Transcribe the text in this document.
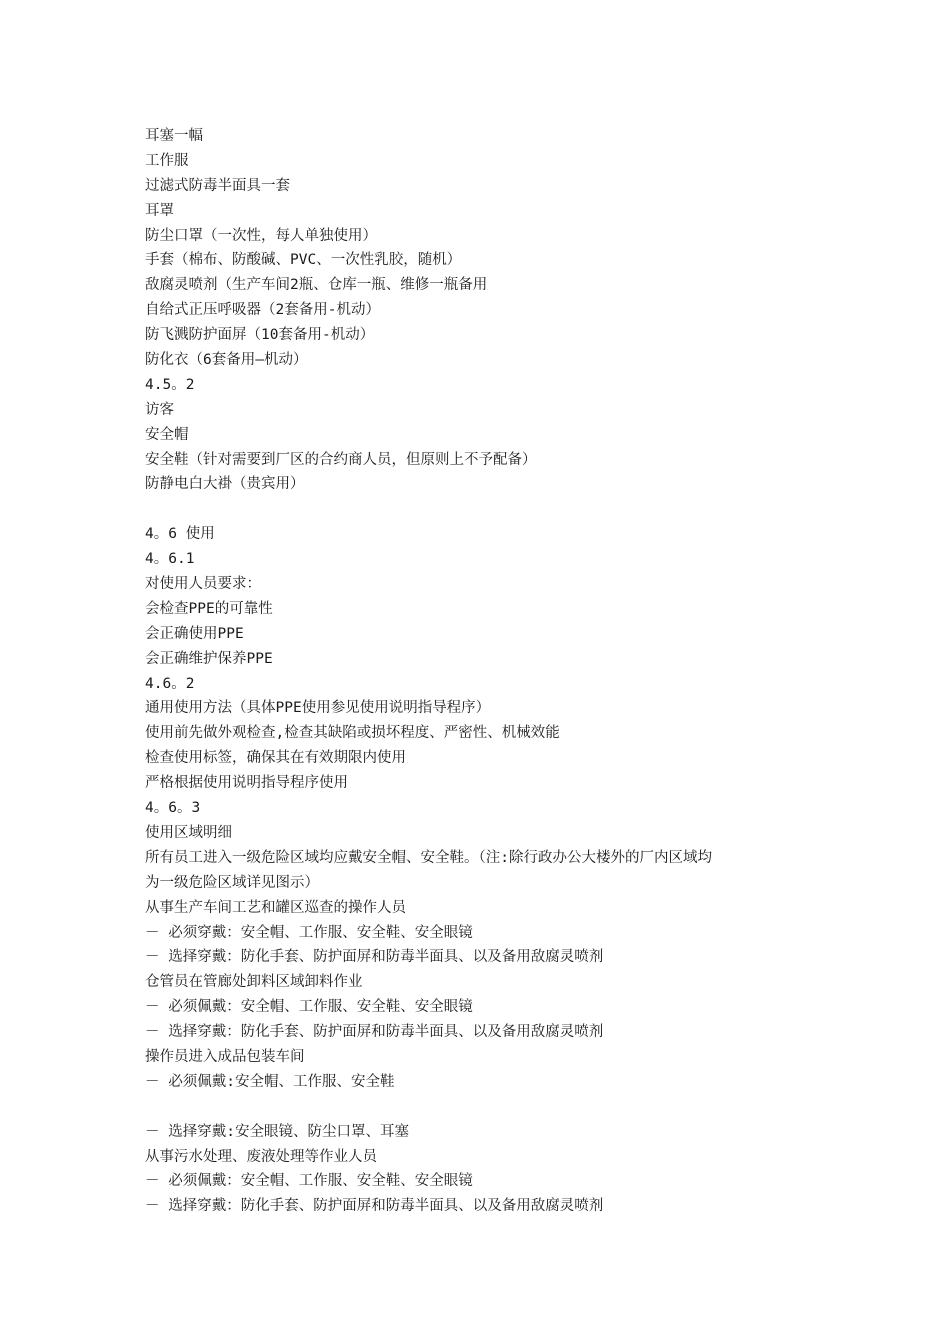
耳塞一幅
工作服
过滤式防毒半面具一套
耳罩
防尘口罩（一次性，每人单独使用）
手套（棉布、防酸碱、PVC、一次性乳胶，随机）
敌腐灵喷剂（生产车间2瓶、仓库一瓶、维修一瓶备用
自给式正压呼吸器（2套备用-机动）
防飞溅防护面屏（10套备用-机动）
防化衣（6套备用—机动）
4.5。2
访客
安全帽
安全鞋（针对需要到厂区的合约商人员，但原则上不予配备）
防静电白大褂（贵宾用）
4。6 使用
4。6.1
对使用人员要求：
会检查PPE的可靠性
会正确使用PPE
会正确维护保养PPE
4.6。2
通用使用方法（具体PPE使用参见使用说明指导程序）
使用前先做外观检查,检查其缺陷或损坏程度、严密性、机械效能
检查使用标签，确保其在有效期限内使用
严格根据使用说明指导程序使用
4。6。3
使用区域明细
所有员工进入一级危险区域均应戴安全帽、安全鞋。（注:除行政办公大楼外的厂内区域均
为一级危险区域详见图示）
从事生产车间工艺和罐区巡查的操作人员
－ 必须穿戴：安全帽、工作服、安全鞋、安全眼镜
－ 选择穿戴：防化手套、防护面屏和防毒半面具、以及备用敌腐灵喷剂
仓管员在管廊处卸料区域卸料作业
－ 必须佩戴：安全帽、工作服、安全鞋、安全眼镜
－ 选择穿戴：防化手套、防护面屏和防毒半面具、以及备用敌腐灵喷剂
操作员进入成品包装车间
－ 必须佩戴:安全帽、工作服、安全鞋
－ 选择穿戴:安全眼镜、防尘口罩、耳塞
从事污水处理、废液处理等作业人员
－ 必须佩戴：安全帽、工作服、安全鞋、安全眼镜
－ 选择穿戴：防化手套、防护面屏和防毒半面具、以及备用敌腐灵喷剂
